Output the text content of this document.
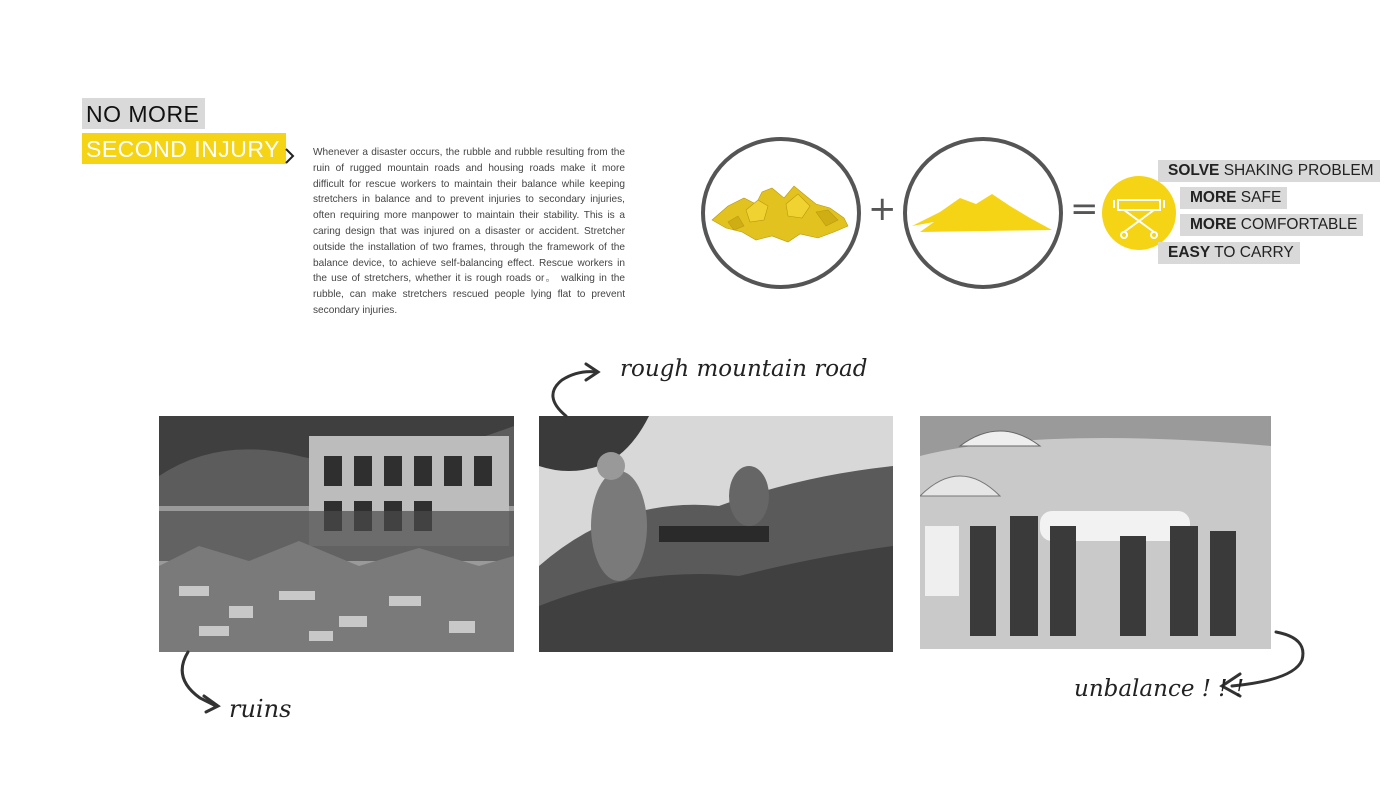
NO MORE
SECOND INJURY	Whenever a disaster occurs, the rubble and rubble resulting from the ruin of rugged mountain roads and housing roads make it more difficult for rescue workers to maintain their balance while keeping stretchers in balance and to prevent injuries to secondary injuries, often requiring more manpower to maintain their stability. This is a caring design that was injured on a disaster or accident. Stretcher outside the installation of two frames, through the framework of the balance device, to achieve self-balancing effect. Rescue workers in the use of stretchers, whether it is rough roads or。 walking in the rubble, can make stretchers rescued people lying flat to prevent secondary injuries.
+	=
SOLVE SHAKING PROBLEM
MORE SAFE
MORE COMFORTABLE
EASY TO CARRY
ruins
rough mountain road
unbalance ! ! !
